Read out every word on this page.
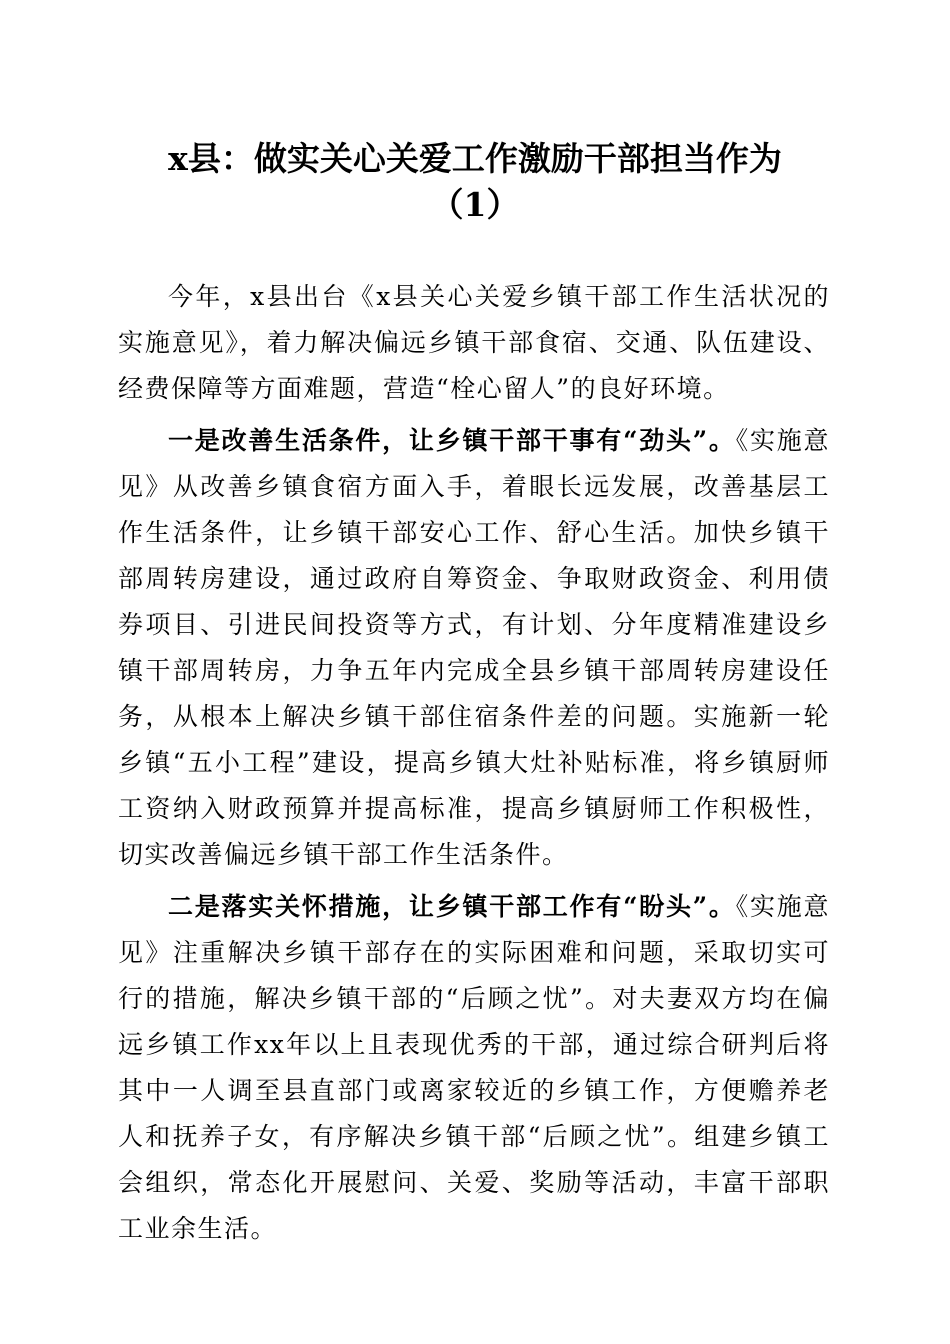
x县：做实关心关爱工作激励干部担当作为
（1）

今年，x县出台《x县关心关爱乡镇干部工作生活状况的实施意见》，着力解决偏远乡镇干部食宿、交通、队伍建设、经费保障等方面难题，营造“栓心留人”的良好环境。

一是改善生活条件，让乡镇干部干事有“劲头”。《实施意见》从改善乡镇食宿方面入手，着眼长远发展，改善基层工作生活条件，让乡镇干部安心工作、舒心生活。加快乡镇干部周转房建设，通过政府自筹资金、争取财政资金、利用债券项目、引进民间投资等方式，有计划、分年度精准建设乡镇干部周转房，力争五年内完成全县乡镇干部周转房建设任务，从根本上解决乡镇干部住宿条件差的问题。实施新一轮乡镇“五小工程”建设，提高乡镇大灶补贴标准，将乡镇厨师工资纳入财政预算并提高标准，提高乡镇厨师工作积极性，切实改善偏远乡镇干部工作生活条件。

二是落实关怀措施，让乡镇干部工作有“盼头”。《实施意见》注重解决乡镇干部存在的实际困难和问题，采取切实可行的措施，解决乡镇干部的“后顾之忧”。对夫妻双方均在偏远乡镇工作xx年以上且表现优秀的干部，通过综合研判后将其中一人调至县直部门或离家较近的乡镇工作，方便赡养老人和抚养子女，有序解决乡镇干部“后顾之忧”。组建乡镇工会组织，常态化开展慰问、关爱、奖励等活动，丰富干部职工业余生活。
